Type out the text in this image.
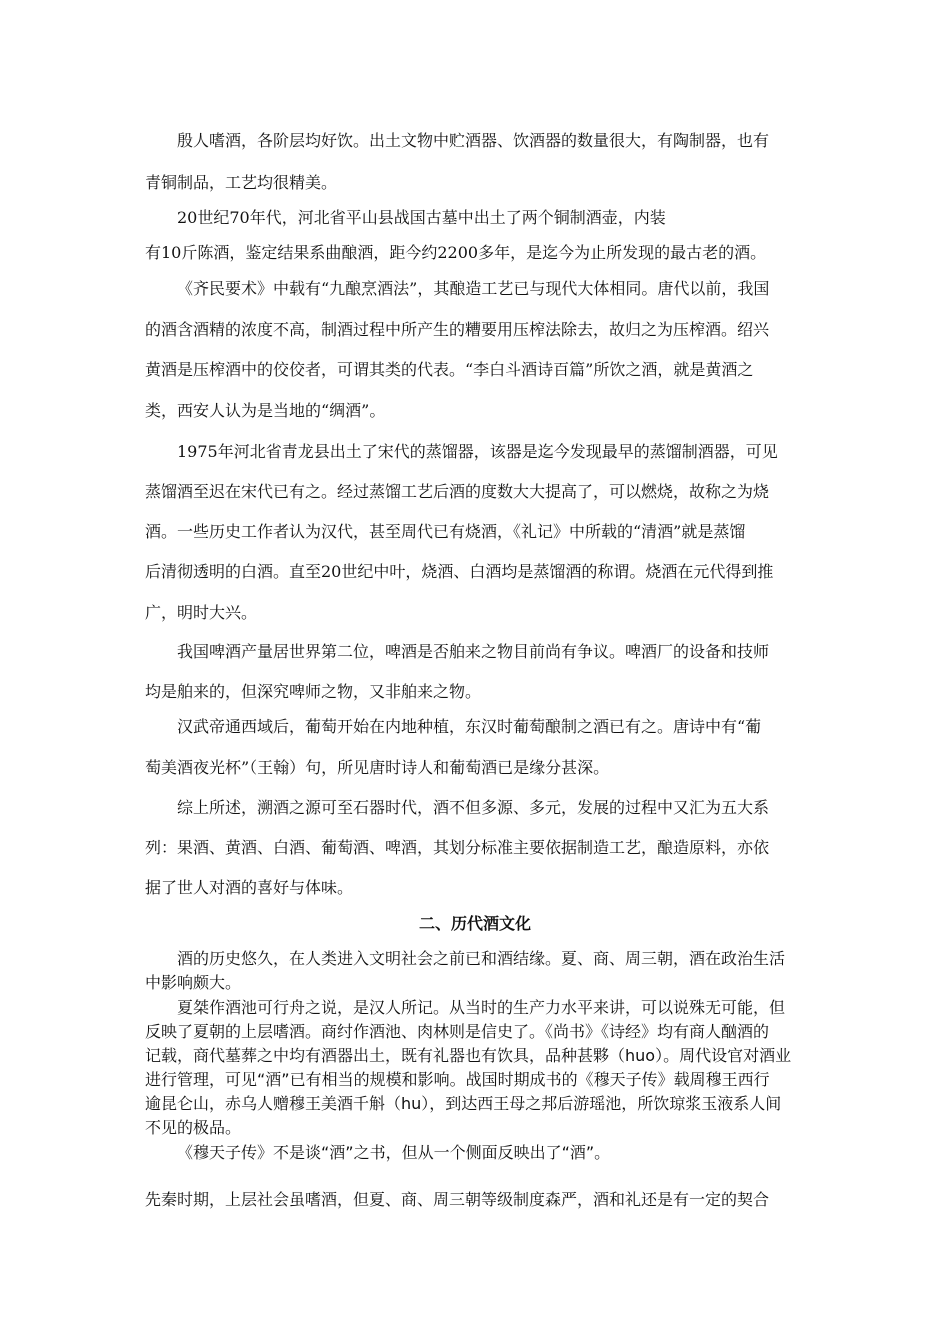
殷人嗜酒，各阶层均好饮。出土文物中贮酒器、饮酒器的数量很大，有陶制器，也有
青铜制品，工艺均很精美。
20世纪70年代，河北省平山县战国古墓中出土了两个铜制酒壶，内装
有10斤陈酒，鉴定结果系曲酿酒，距今约2200多年，是迄今为止所发现的最古老的酒。
《齐民要术》中载有“九酿烹酒法”，其酿造工艺已与现代大体相同。唐代以前，我国
的酒含酒精的浓度不高，制酒过程中所产生的糟要用压榨法除去，故归之为压榨酒。绍兴
黄酒是压榨酒中的佼佼者，可谓其类的代表。“李白斗酒诗百篇”所饮之酒，就是黄酒之
类，西安人认为是当地的“绸酒”。
1975年河北省青龙县出土了宋代的蒸馏器，该器是迄今发现最早的蒸馏制酒器，可见
蒸馏酒至迟在宋代已有之。经过蒸馏工艺后酒的度数大大提高了，可以燃烧，故称之为烧
酒。一些历史工作者认为汉代，甚至周代已有烧酒，《礼记》中所载的“清酒”就是蒸馏
后清彻透明的白酒。直至20世纪中叶，烧酒、白酒均是蒸馏酒的称谓。烧酒在元代得到推
广，明时大兴。
我国啤酒产量居世界第二位，啤酒是否舶来之物目前尚有争议。啤酒厂的设备和技师
均是舶来的，但深究啤师之物，又非舶来之物。
汉武帝通西域后，葡萄开始在内地种植，东汉时葡萄酿制之酒已有之。唐诗中有“葡
萄美酒夜光杯”（王翰）句，所见唐时诗人和葡萄酒已是缘分甚深。
综上所述，溯酒之源可至石器时代，酒不但多源、多元，发展的过程中又汇为五大系
列：果酒、黄酒、白酒、葡萄酒、啤酒，其划分标准主要依据制造工艺，酿造原料，亦依
据了世人对酒的喜好与体味。
二、历代酒文化
酒的历史悠久，在人类进入文明社会之前已和酒结缘。夏、商、周三朝，酒在政治生活
中影响颇大。
夏桀作酒池可行舟之说，是汉人所记。从当时的生产力水平来讲，可以说殊无可能，但
反映了夏朝的上层嗜酒。商纣作酒池、肉林则是信史了。《尚书》《诗经》均有商人酗酒的
记载，商代墓葬之中均有酒器出土，既有礼器也有饮具，品种甚夥（huo）。周代设官对酒业
进行管理，可见“酒”已有相当的规模和影响。战国时期成书的《穆天子传》载周穆王西行
逾昆仑山，赤乌人赠穆王美酒千斛（hu），到达西王母之邦后游瑶池，所饮琼浆玉液系人间
不见的极品。
《穆天子传》不是谈“酒”之书，但从一个侧面反映出了“酒”。
先秦时期，上层社会虽嗜酒，但夏、商、周三朝等级制度森严，酒和礼还是有一定的契合
